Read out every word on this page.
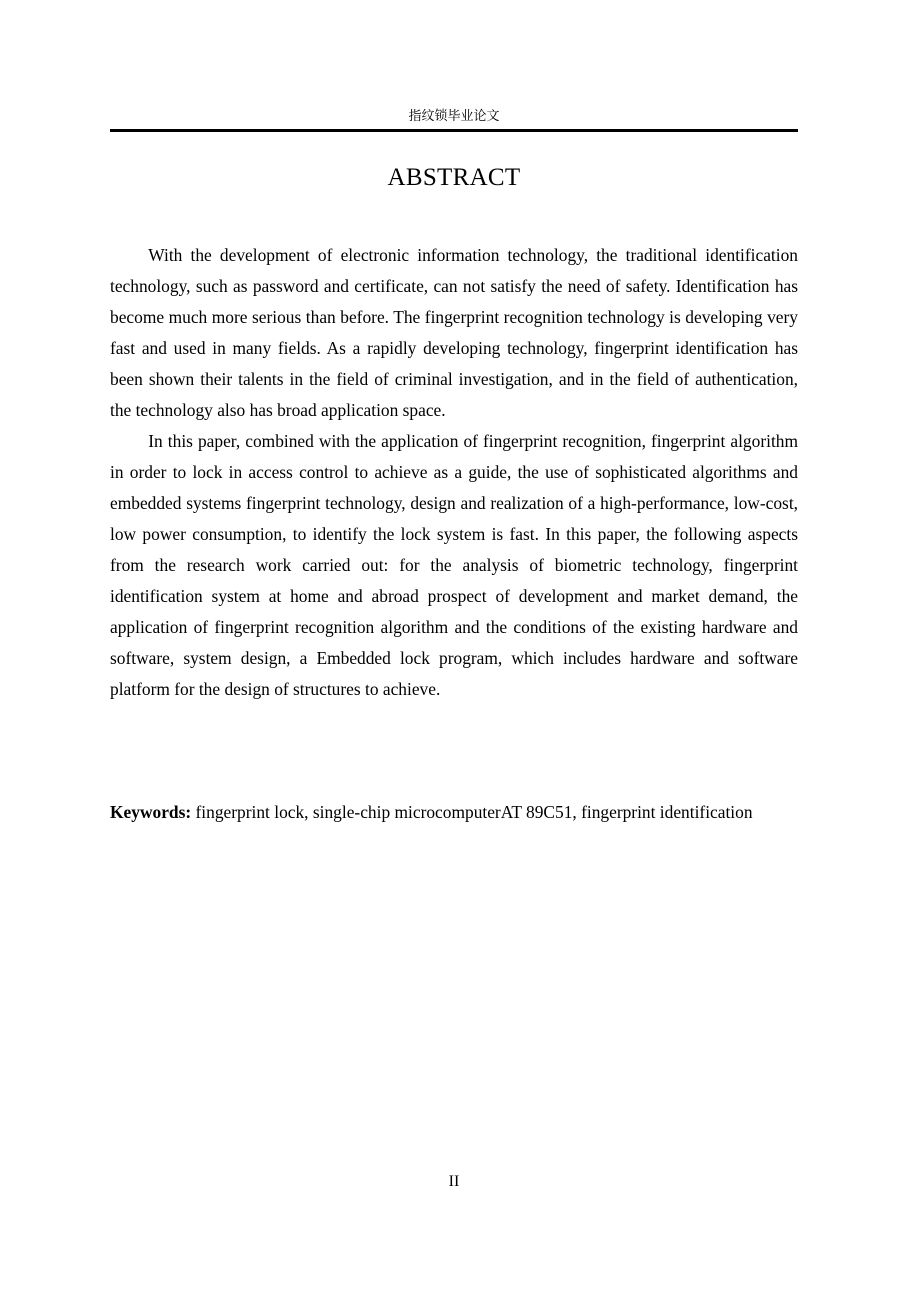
指纹锁毕业论文
ABSTRACT

With the development of electronic information technology, the traditional identification technology, such as password and certificate, can not satisfy the need of safety. Identification has become much more serious than before. The fingerprint recognition technology is developing very fast and used in many fields. As a rapidly developing technology, fingerprint identification has been shown their talents in the field of criminal investigation, and in the field of authentication, the technology also has broad application space.

In this paper, combined with the application of fingerprint recognition, fingerprint algorithm in order to lock in access control to achieve as a guide, the use of sophisticated algorithms and embedded systems fingerprint technology, design and realization of a high-performance, low-cost, low power consumption, to identify the lock system is fast. In this paper, the following aspects from the research work carried out: for the analysis of biometric technology, fingerprint identification system at home and abroad prospect of development and market demand, the application of fingerprint recognition algorithm and the conditions of the existing hardware and software, system design, a Embedded lock program, which includes hardware and software platform for the design of structures to achieve.

Keywords: fingerprint lock, single-chip microcomputerAT 89C51, fingerprint identification
II
